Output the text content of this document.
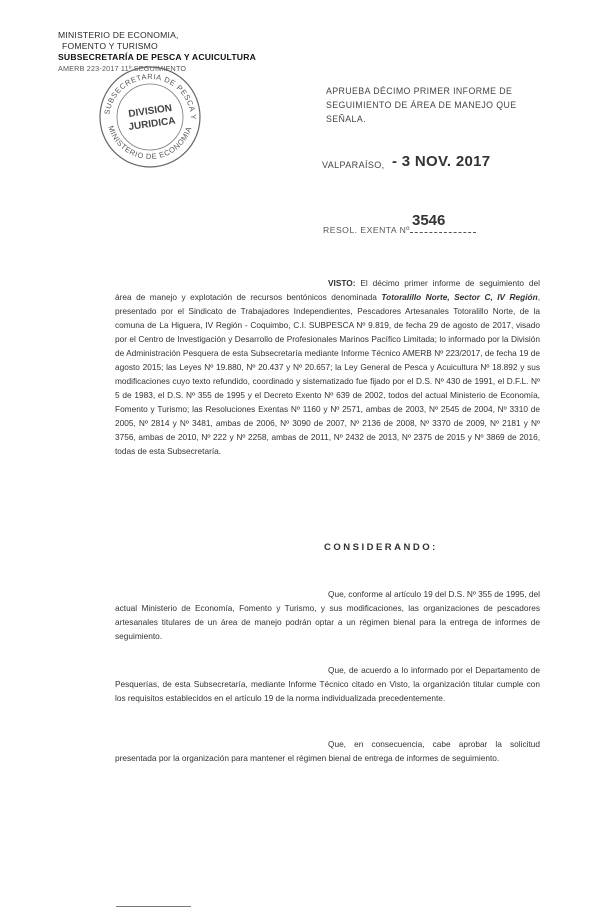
MINISTERIO DE ECONOMIA,
FOMENTO Y TURISMO
SUBSECRETARÍA DE PESCA Y ACUICULTURA
AMERB 223-2017 11º SEGUIMIENTO
SUBSECRETARIA DE PESCA Y
MINISTERIO DE ECONOMIA
DIVISION
JURIDICA
APRUEBA DÉCIMO PRIMER INFORME DE
SEGUIMIENTO DE ÁREA DE MANEJO QUE SEÑALA.
VALPARAÍSO, - 3 NOV. 2017
RESOL. EXENTA Nº
3546
VISTO: El décimo primer informe de seguimiento del área de manejo y explotación de recursos bentónicos denominada Totoralillo Norte, Sector C, IV Región, presentado por el Sindicato de Trabajadores Independientes, Pescadores Artesanales Totoralillo Norte, de la comuna de La Higuera, IV Región - Coquimbo, C.I. SUBPESCA Nº 9.819, de fecha 29 de agosto de 2017, visado por el Centro de Investigación y Desarrollo de Profesionales Marinos Pacífico Limitada; lo informado por la División de Administración Pesquera de esta Subsecretaría mediante Informe Técnico AMERB Nº 223/2017, de fecha 19 de agosto 2015; las Leyes Nº 19.880, Nº 20.437 y Nº 20.657; la Ley General de Pesca y Acuicultura Nº 18.892 y sus modificaciones cuyo texto refundido, coordinado y sistematizado fue fijado por el D.S. Nº 430 de 1991, el D.F.L. Nº 5 de 1983, el D.S. Nº 355 de 1995 y el Decreto Exento Nº 639 de 2002, todos del actual Ministerio de Economía, Fomento y Turismo; las Resoluciones Exentas Nº 1160 y Nº 2571, ambas de 2003, Nº 2545 de 2004, Nº 3310 de 2005, Nº 2814 y Nº 3481, ambas de 2006, Nº 3090 de 2007, Nº 2136 de 2008, Nº 3370 de 2009, Nº 2181 y Nº 3756, ambas de 2010, Nº 222 y Nº 2258, ambas de 2011, Nº 2432 de 2013, Nº 2375 de 2015 y Nº 3869 de 2016, todas de esta Subsecretaría.
CONSIDERANDO:
Que, conforme al artículo 19 del D.S. Nº 355 de 1995, del actual Ministerio de Economía, Fomento y Turismo, y sus modificaciones, las organizaciones de pescadores artesanales titulares de un área de manejo podrán optar a un régimen bienal para la entrega de informes de seguimiento.
Que, de acuerdo a lo informado por el Departamento de Pesquerías, de esta Subsecretaría, mediante Informe Técnico citado en Visto, la organización titular cumple con los requisitos establecidos en el artículo 19 de la norma individualizada precedentemente.
Que, en consecuencia, cabe aprobar la solicitud presentada por la organización para mantener el régimen bienal de entrega de informes de seguimiento.
